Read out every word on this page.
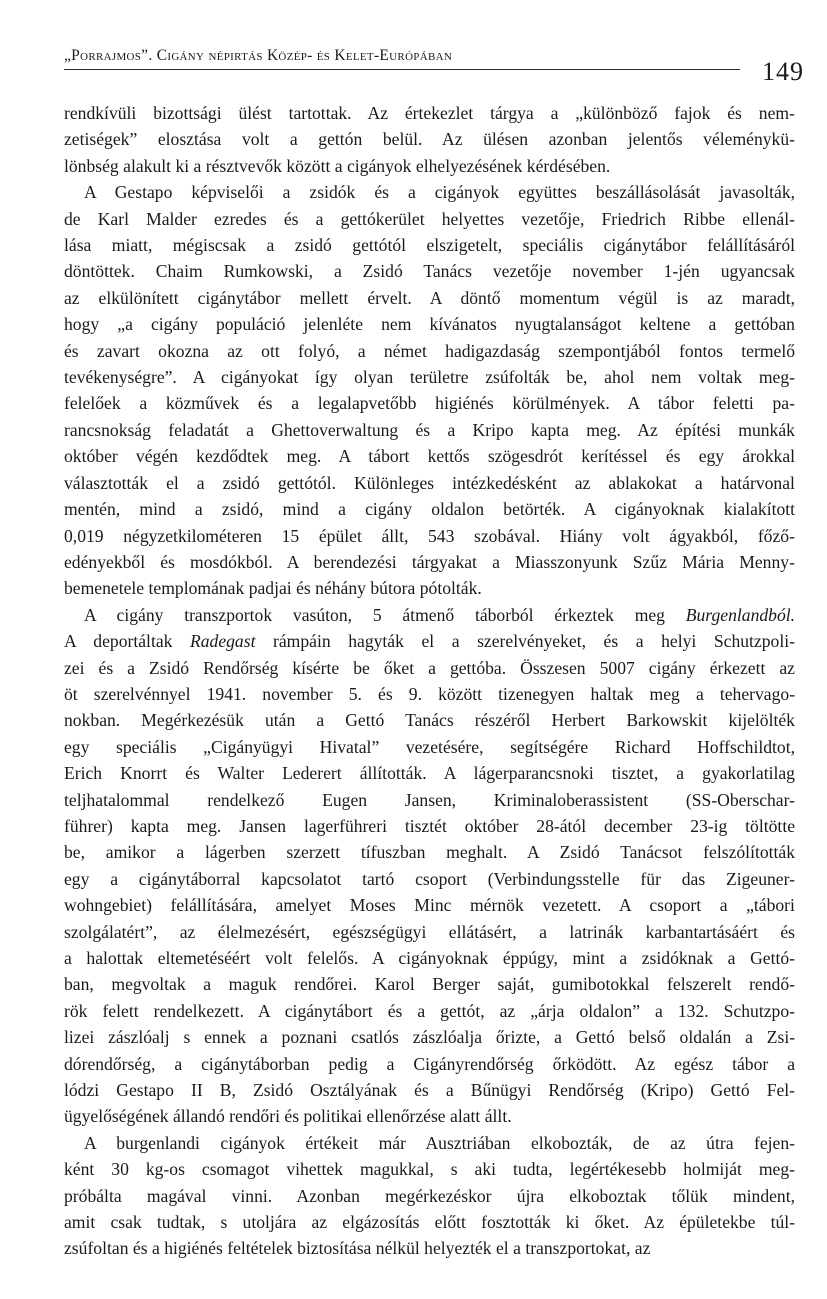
„Porrajmos”. Cigány népirtás Közép- és Kelet-Európában
149

rendkívüli bizottsági ülést tartottak. Az értekezlet tárgya a „különböző fajok és nem-
zetiségek” elosztása volt a gettón belül. Az ülésen azonban jelentős véleménykü-
lönbség alakult ki a résztvevők között a cigányok elhelyezésének kérdésében.

A Gestapo képviselői a zsidók és a cigányok együttes beszállásolását javasolták,
de Karl Malder ezredes és a gettókerület helyettes vezetője, Friedrich Ribbe ellenál-
lása miatt, mégiscsak a zsidó gettótól elszigetelt, speciális cigánytábor felállításáról
döntöttek. Chaim Rumkowski, a Zsidó Tanács vezetője november 1-jén ugyancsak
az elkülönített cigánytábor mellett érvelt. A döntő momentum végül is az maradt,
hogy „a cigány populáció jelenléte nem kívánatos nyugtalanságot keltene a gettóban
és zavart okozna az ott folyó, a német hadigazdaság szempontjából fontos termelő
tevékenységre”. A cigányokat így olyan területre zsúfolták be, ahol nem voltak meg-
felelőek a közművek és a legalapvetőbb higiénés körülmények. A tábor feletti pa-
rancsnokság feladatát a Ghettoverwaltung és a Kripo kapta meg. Az építési munkák
október végén kezdődtek meg. A tábort kettős szögesdrót kerítéssel és egy árokkal
választották el a zsidó gettótól. Különleges intézkedésként az ablakokat a határvonal
mentén, mind a zsidó, mind a cigány oldalon betörték. A cigányoknak kialakított
0,019 négyzetkilométeren 15 épület állt, 543 szobával. Hiány volt ágyakból, főző-
edényekből és mosdókból. A berendezési tárgyakat a Miasszonyunk Szűz Mária Menny-
bemenetele templomának padjai és néhány bútora pótolták.

A cigány transzportok vasúton, 5 átmenő táborból érkeztek meg Burgenlandból.
A deportáltak Radegast rámpáin hagyták el a szerelvényeket, és a helyi Schutzpoli-
zei és a Zsidó Rendőrség kísérte be őket a gettóba. Összesen 5007 cigány érkezett az
öt szerelvénnyel 1941. november 5. és 9. között tizenegyen haltak meg a tehervago-
nokban. Megérkezésük után a Gettó Tanács részéről Herbert Barkowskit kijelölték
egy speciális „Cigányügyi Hivatal” vezetésére, segítségére Richard Hoffschildtot,
Erich Knorrt és Walter Lederert állították. A lágerparancsnoki tisztet, a gyakorlatilag
teljhatalommal rendelkező Eugen Jansen, Kriminaloberassistent (SS-Oberschar-
führer) kapta meg. Jansen lagerführeri tisztét október 28-ától december 23-ig töltötte
be, amikor a lágerben szerzett tífuszban meghalt. A Zsidó Tanácsot felszólították
egy a cigánytáborral kapcsolatot tartó csoport (Verbindungsstelle für das Zigeuner-
wohngebiet) felállítására, amelyet Moses Minc mérnök vezetett. A csoport a „tábori
szolgálatért”, az élelmezésért, egészségügyi ellátásért, a latrinák karbantartásáért és
a halottak eltemetéséért volt felelős. A cigányoknak éppúgy, mint a zsidóknak a Gettó-
ban, megvoltak a maguk rendőrei. Karol Berger saját, gumibotokkal felszerelt rendő-
rök felett rendelkezett. A cigánytábort és a gettót, az „árja oldalon” a 132. Schutzpo-
lizei zászlóalj s ennek a poznani csatlós zászlóalja őrizte, a Gettó belső oldalán a Zsi-
dórendőrség, a cigánytáborban pedig a Cigányrendőrség őrködött. Az egész tábor a
lódzi Gestapo II B, Zsidó Osztályának és a Bűnügyi Rendőrség (Kripo) Gettó Fel-
ügyelőségének állandó rendőri és politikai ellenőrzése alatt állt.

A burgenlandi cigányok értékeit már Ausztriában elkobozták, de az útra fejen-
ként 30 kg-os csomagot vihettek magukkal, s aki tudta, legértékesebb holmiját meg-
próbálta magával vinni. Azonban megérkezéskor újra elkoboztak tőlük mindent,
amit csak tudtak, s utoljára az elgázosítás előtt fosztották ki őket. Az épületekbe túl-
zsúfoltan és a higiénés feltételek biztosítása nélkül helyezték el a transzportokat, az
